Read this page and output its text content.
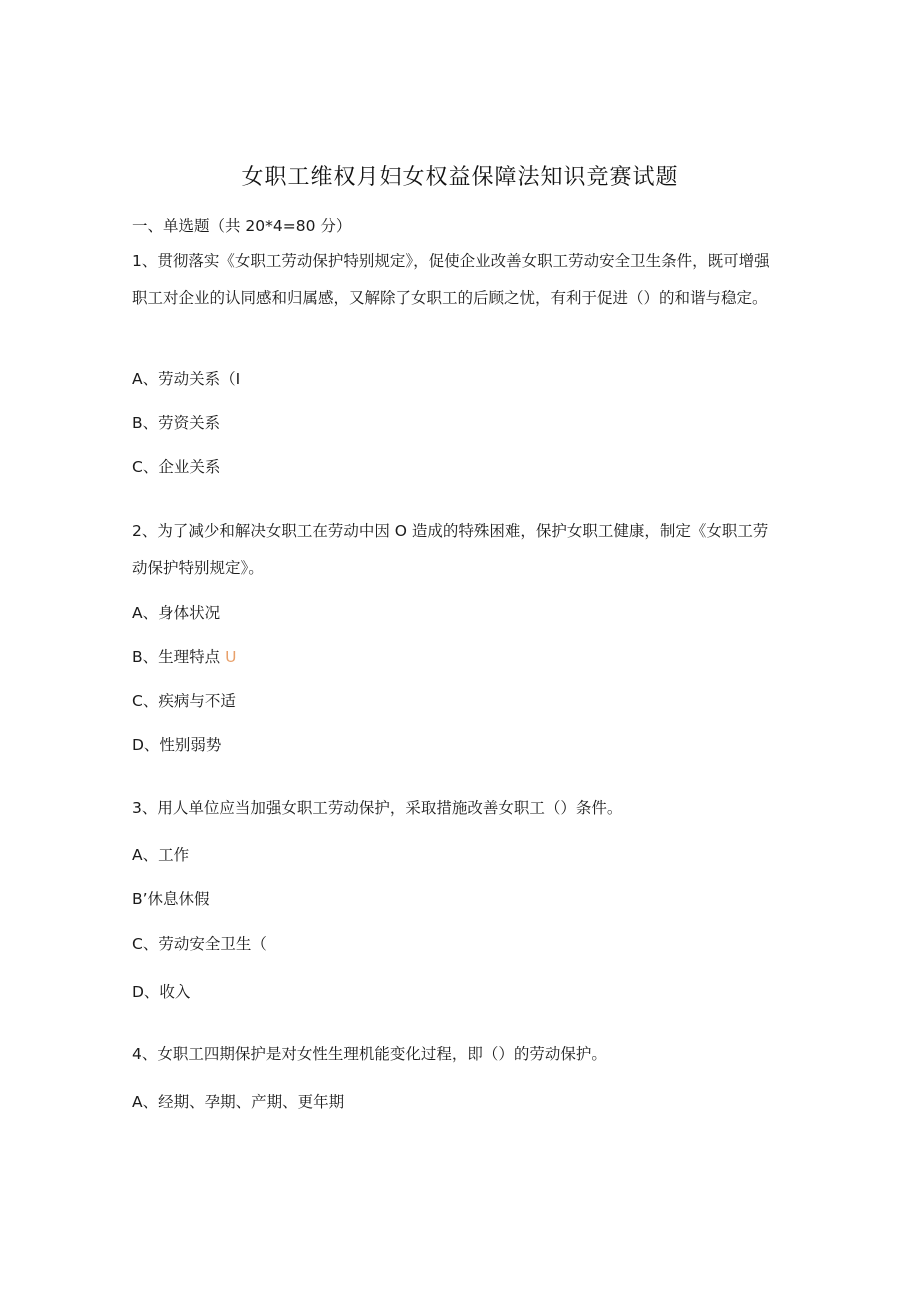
女职工维权月妇女权益保障法知识竞赛试题
一、单选题（共 20*4=80 分）
1、贯彻落实《女职工劳动保护特别规定》，促使企业改善女职工劳动安全卫生条件，既可增强职工对企业的认同感和归属感，又解除了女职工的后顾之忧，有利于促进（）的和谐与稳定。
A、劳动关系（I
B、劳资关系
C、企业关系
2、为了减少和解决女职工在劳动中因 O 造成的特殊困难，保护女职工健康，制定《女职工劳动保护特别规定》。
A、身体状况
B、生理特点 U
C、疾病与不适
D、性别弱势
3、用人单位应当加强女职工劳动保护，采取措施改善女职工（）条件。
A、工作
B’休息休假
C、劳动安全卫生（
D、收入
4、女职工四期保护是对女性生理机能变化过程，即（）的劳动保护。
A、经期、孕期、产期、更年期
